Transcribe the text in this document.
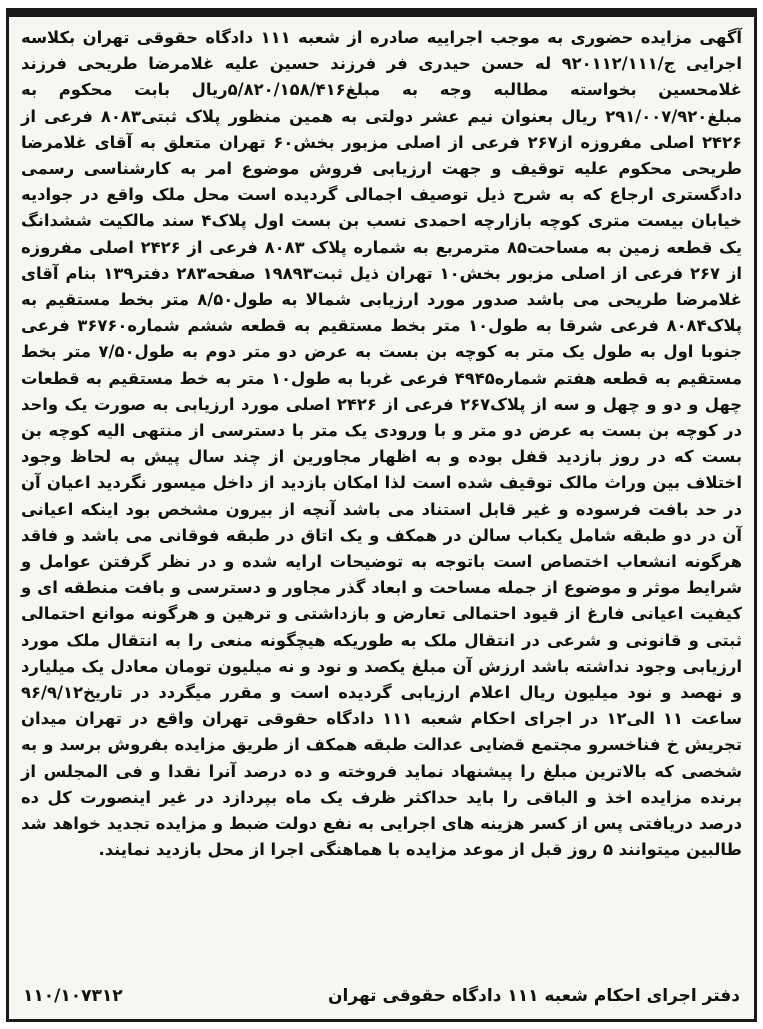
آگهی مزایده حضوری به موجب اجراییه صادره از شعبه ۱۱۱ دادگاه حقوقی تهران بکلاسه اجرایی ج/۹۲۰۱۱۲/۱۱۱ له حسن حیدری فر فرزند حسین علیه غلامرضا طریحی فرزند غلامحسین بخواسته مطالبه وجه به مبلغ۵/۸۲۰/۱۵۸/۴۱۶ریال بابت محکوم به مبلغ۲۹۱/۰۰۷/۹۲۰ ریال بعنوان نیم عشر دولتی به همین منظور پلاک ثبتی۸۰۸۳ فرعی از ۲۴۲۶ اصلی مفروزه از۲۶۷ فرعی از اصلی مزبور بخش۶۰ تهران متعلق به آقای غلامرضا طریحی محکوم علیه توقیف و جهت ارزیابی فروش موضوع امر به کارشناسی رسمی دادگستری ارجاع که به شرح ذیل توصیف اجمالی گردیده است محل ملک واقع در جوادیه خیابان بیست متری کوچه بازارچه احمدی نسب بن بست اول پلاک۴ سند مالکیت ششدانگ یک قطعه زمین به مساحت۸۵ مترمربع به شماره پلاک ۸۰۸۳ فرعی از ۲۴۲۶ اصلی مفروزه از ۲۶۷ فرعی از اصلی مزبور بخش۱۰ تهران ذیل ثبت۱۹۸۹۳ صفحه۲۸۳ دفتر۱۳۹ بنام آقای غلامرضا طریحی می باشد صدور مورد ارزیابی شمالا به طول۸/۵۰ متر بخط مستقیم به پلاک۸۰۸۴ فرعی شرقا به طول۱۰ متر بخط مستقیم به قطعه ششم شماره۳۶۷۶۰ فرعی جنوبا اول به طول یک متر به کوچه بن بست به عرض دو متر دوم به طول۷/۵۰ متر بخط مستقیم به قطعه هفتم شماره۴۹۴۵ فرعی غربا به طول۱۰ متر به خط مستقیم به قطعات چهل و دو و چهل و سه از پلاک۲۶۷ فرعی از ۲۴۲۶ اصلی مورد ارزیابی به صورت یک واحد در کوچه بن بست به عرض دو متر و با ورودی یک متر با دسترسی از منتهی الیه کوچه بن بست که در روز بازدید قفل بوده و به اظهار مجاورین از چند سال پیش به لحاظ وجود اختلاف بین وراث مالک توقیف شده است لذا امکان بازدید از داخل میسور نگردید اعیان آن در حد بافت فرسوده و غیر قابل استناد می باشد آنچه از بیرون مشخص بود اینکه اعیانی آن در دو طبقه شامل یکباب سالن در همکف و یک اتاق در طبقه فوقانی می باشد و فاقد هرگونه انشعاب اختصاص است باتوجه به توضیحات ارایه شده و در نظر گرفتن عوامل و شرایط موثر و موضوع از جمله مساحت و ابعاد گذر مجاور و دسترسی و بافت منطقه ای و کیفیت اعیانی فارغ از قیود احتمالی تعارض و بازداشتی و ترهین و هرگونه موانع احتمالی ثبتی و قانونی و شرعی در انتقال ملک به طوریکه هیچگونه منعی را به انتقال ملک مورد ارزیابی وجود نداشته باشد ارزش آن مبلغ یکصد و نود و نه میلیون تومان معادل یک میلیارد و نهصد و نود میلیون ریال اعلام ارزیابی گردیده است و مقرر میگردد در تاریخ۹۶/۹/۱۲ ساعت ۱۱ الی۱۲ در اجرای احکام شعبه ۱۱۱ دادگاه حقوقی تهران واقع در تهران میدان تجریش خ فناخسرو مجتمع قضایی عدالت طبقه همکف از طریق مزایده بفروش برسد و به شخصی که بالاترین مبلغ را پیشنهاد نماید فروخته و ده درصد آنرا نقدا و فی المجلس از برنده مزایده اخذ و الباقی را باید حداکثر ظرف یک ماه بپردازد در غیر اینصورت کل ده درصد دریافتی پس از کسر هزینه های اجرایی به نفع دولت ضبط و مزایده تجدید خواهد شد طالبین میتوانند ۵ روز قبل از موعد مزایده با هماهنگی اجرا از محل بازدید نمایند.

دفتر اجرای احکام شعبه ۱۱۱ دادگاه حقوقی تهران
۱۱۰/۱۰۷۳۱۲
